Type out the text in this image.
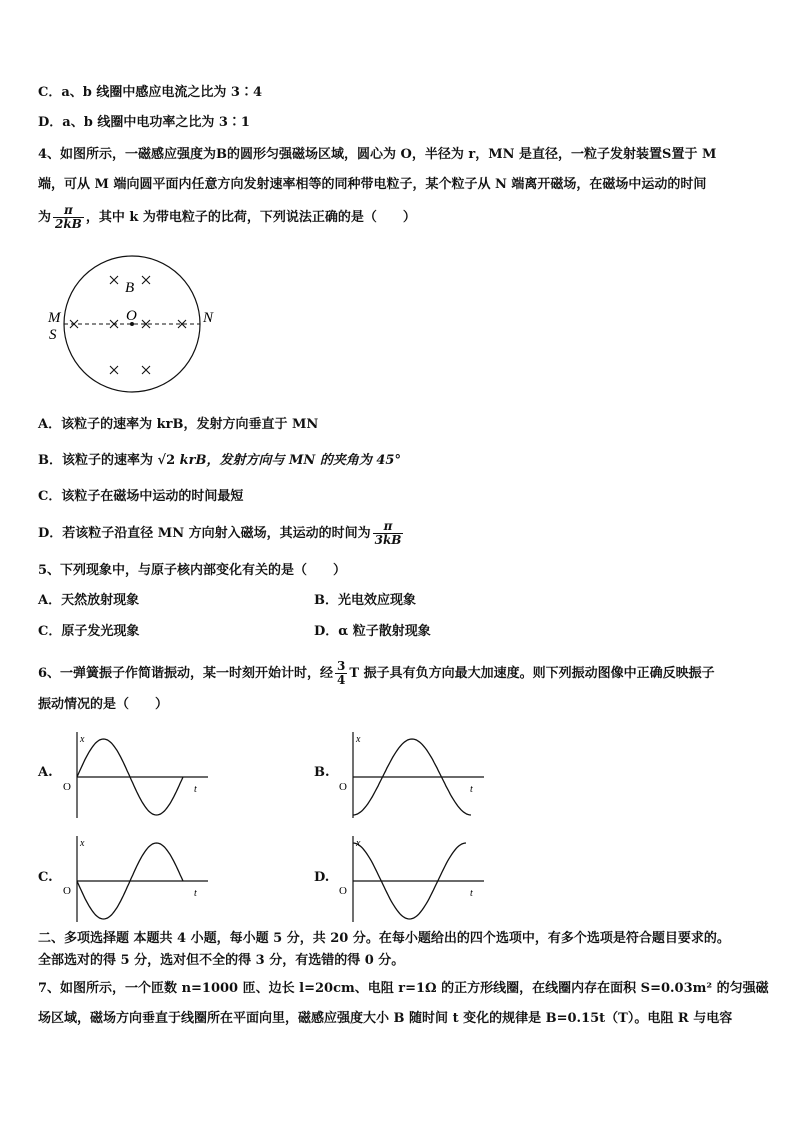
C．a、b 线圈中感应电流之比为 3∶4
D．a、b 线圈中电功率之比为 3∶1
4、如图所示，一磁感应强度为B的圆形匀强磁场区域，圆心为 O，半径为 r，MN 是直径，一粒子发射装置S置于 M
端，可从 M 端向圆平面内任意方向发射速率相等的同种带电粒子，某个粒子从 N 端离开磁场，在磁场中运动的时间
为 $\frac{\pi}{2kB}$ ，其中 k 为带电粒子的比荷，下列说法正确的是（　　）
B
O
M
S
N
A．该粒子的速率为 krB，发射方向垂直于 MN
B．该粒子的速率为 √2 krB，发射方向与 MN 的夹角为 45°
C．该粒子在磁场中运动的时间最短
D．若该粒子沿直径 MN 方向射入磁场，其运动的时间为 $\frac{\pi}{3kB}$
5、下列现象中，与原子核内部变化有关的是（　　）
A．天然放射现象	B．光电效应现象
C．原子发光现象	D．α 粒子散射现象
6、一弹簧振子作简谐振动，某一时刻开始计时，经 $\frac{3}{4}$ T 振子具有负方向最大加速度。则下列振动图像中正确反映振子
振动情况的是（　　）
A.
x
O	t
B.
x
O	t
C.
x
O	t
D.
x
O	t
二、多项选择题 本题共 4 小题，每小题 5 分，共 20 分。在每小题给出的四个选项中，有多个选项是符合题目要求的。
全部选对的得 5 分，选对但不全的得 3 分，有选错的得 0 分。
7、如图所示，一个匝数 n=1000 匝、边长 l=20cm、电阻 r=1Ω 的正方形线圈，在线圈内存在面积 S=0.03m² 的匀强磁
场区域，磁场方向垂直于线圈所在平面向里，磁感应强度大小 B 随时间 t 变化的规律是 B=0.15t（T）。电阻 R 与电容
